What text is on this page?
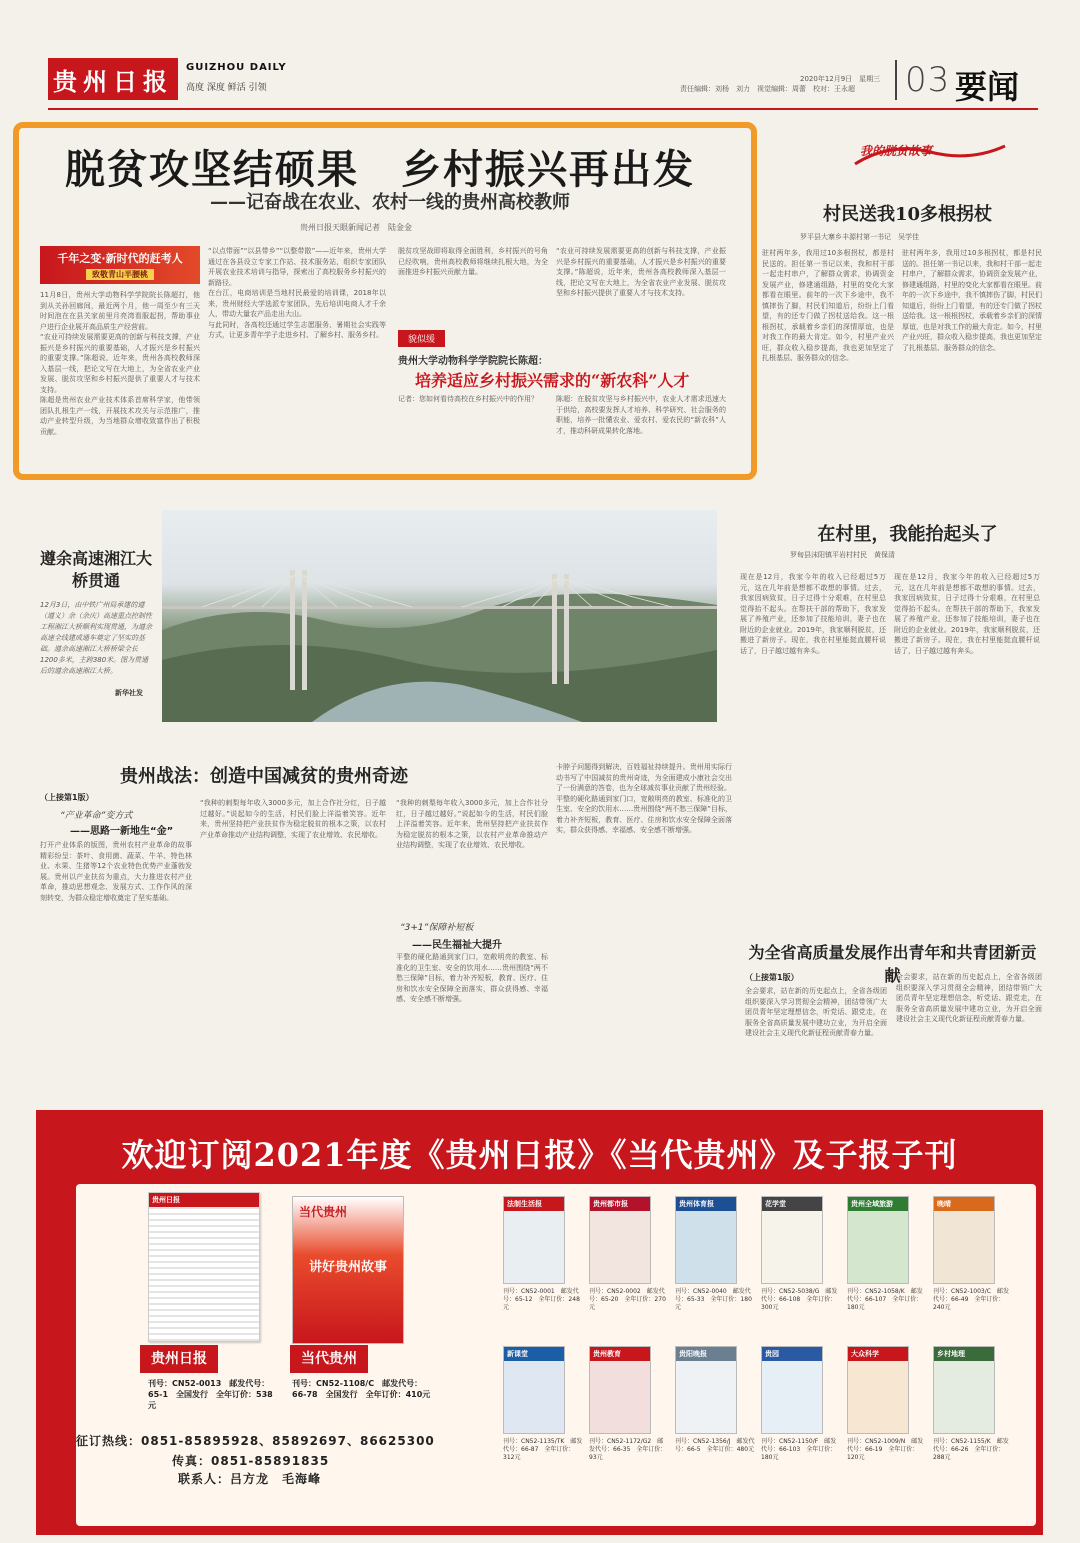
贵州日报	GUIZHOU DAILY
高度 深度 鲜活 引领
2020年12月9日　星期三
责任编辑：刘杨　刘力　视觉编辑：周蕾　校对：王永超 03 要闻
脱贫攻坚结硕果　乡村振兴再出发
——记奋战在农业、农村一线的贵州高校教师
贵州日报天眼新闻记者　陆金金
千年之变·新时代的赶考人
致敬青山半腰桃

11月8日，贵州大学动物科学学院院长陈超打，他到从关孙回廊间，最近两个月，他一周至少有三天时间泡在在县关家前里月亮湾看服起拐，帮助事业户进行企业展开高品质生产经营前。

“农业可持续发展需要更高的创新与科技支撑，产业振兴是乡村振兴的重要基础，人才振兴是乡村振兴的重要支撑。”陈超说，近年来，贵州各高校教师深入基层一线，把论文写在大地上，为全省农业产业发展、脱贫攻坚和乡村振兴提供了重要人才与技术支持。

陈超是贵州农业产业技术体系首席科学家，他带领团队扎根生产一线，开展技术攻关与示范推广，推动产业转型升级，为当地群众增收致富作出了积极贡献。

“以点带面”“以县带乡”“以整带散”——近年来，贵州大学通过在各县设立专家工作站、技术服务站，组织专家团队开展农业技术培训与指导，探索出了高校服务乡村振兴的新路径。

在台江，电商培训是当地村民最爱的培训课，2018年以来，贵州财经大学选派专家团队，先后培训电商人才千余人，带动大量农产品走出大山。

与此同时，各高校还通过学生志愿服务、暑期社会实践等方式，让更多青年学子走进乡村、了解乡村、服务乡村。

脱贫攻坚战即将取得全面胜利，乡村振兴的号角已经吹响，贵州高校教师将继续扎根大地，为全面推进乡村振兴贡献力量。

“农业可持续发展需要更高的创新与科技支撑，产业振兴是乡村振兴的重要基础，人才振兴是乡村振兴的重要支撑。”陈超说，近年来，贵州各高校教师深入基层一线，把论文写在大地上，为全省农业产业发展、脱贫攻坚和乡村振兴提供了重要人才与技术支持。

貌似缓
贵州大学动物科学学院院长陈超：
培养适应乡村振兴需求的“新农科”人才

记者：您如何看待高校在乡村振兴中的作用？	陈超：在脱贫攻坚与乡村振兴中，农业人才需求迅速大于供给，高校要发挥人才培养、科学研究、社会服务的职能，培养一批懂农业、爱农村、爱农民的“新农科”人才，推动科研成果转化落地。

我的脱贫故事
村民送我10多根拐杖
罗平县大寨乡丰源村第一书记　吴学佳

驻村两年多，我用过10多根拐杖，都是村民送的。担任第一书记以来，我和村干部一起走村串户，了解群众需求，协调资金发展产业，修建通组路，村里的变化大家都看在眼里。前年的一次下乡途中，我不慎摔伤了脚，村民们知道后，纷纷上门看望，有的还专门做了拐杖送给我。这一根根拐杖，承载着乡亲们的深情厚谊，也是对我工作的最大肯定。如今，村里产业兴旺，群众收入稳步提高，我也更加坚定了扎根基层、服务群众的信念。

驻村两年多，我用过10多根拐杖，都是村民送的。担任第一书记以来，我和村干部一起走村串户，了解群众需求，协调资金发展产业，修建通组路，村里的变化大家都看在眼里。前年的一次下乡途中，我不慎摔伤了脚，村民们知道后，纷纷上门看望，有的还专门做了拐杖送给我。这一根根拐杖，承载着乡亲们的深情厚谊，也是对我工作的最大肯定。如今，村里产业兴旺，群众收入稳步提高，我也更加坚定了扎根基层、服务群众的信念。

在村里，我能抬起头了
罗甸县沫阳镇平岩村村民　黄保清

现在是12月，我家今年的收入已经超过5万元，这在几年前是想都不敢想的事情。过去，我家因病致贫，日子过得十分艰难，在村里总觉得抬不起头。在帮扶干部的帮助下，我家发展了养殖产业，还参加了技能培训，妻子也在附近的企业就业。2019年，我家顺利脱贫，还搬进了新房子。现在，我在村里能挺直腰杆说话了，日子越过越有奔头。

现在是12月，我家今年的收入已经超过5万元，这在几年前是想都不敢想的事情。过去，我家因病致贫，日子过得十分艰难，在村里总觉得抬不起头。在帮扶干部的帮助下，我家发展了养殖产业，还参加了技能培训，妻子也在附近的企业就业。2019年，我家顺利脱贫，还搬进了新房子。现在，我在村里能挺直腰杆说话了，日子越过越有奔头。

为全省高质量发展作出青年和共青团新贡献
（上接第1版）

全会要求，站在新的历史起点上，全省各级团组织要深入学习贯彻全会精神，团结带领广大团员青年坚定理想信念，听党话、跟党走，在服务全省高质量发展中建功立业，为开启全面建设社会主义现代化新征程贡献青春力量。

全会要求，站在新的历史起点上，全省各级团组织要深入学习贯彻全会精神，团结带领广大团员青年坚定理想信念，听党话、跟党走，在服务全省高质量发展中建功立业，为开启全面建设社会主义现代化新征程贡献青春力量。

遵余高速湘江大桥贯通
12月3日，由中铁广州局承建的遵（遵义）余（余庆）高速重点控制性工程湘江大桥顺利实现贯通，为遵余高速全线建成通车奠定了坚实的基础。遵余高速湘江大桥桥梁全长1200多米，主跨380米。图为贯通后的遵余高速湘江大桥。
新华社发
贵州战法：创造中国减贫的贵州奇迹
（上接第1版）
“产业革命”变方式
——思路一新地生“金”

打开产业体系的版图，贵州农村产业革命的故事精彩纷呈：茶叶、食用菌、蔬菜、牛羊、特色林业、水果、生猪等12个农业特色优势产业蓬勃发展。贵州以产业扶贫为重点，大力推进农村产业革命，推动思想观念、发展方式、工作作风的深刻转变，为群众稳定增收奠定了坚实基础。

“我种的刺梨每年收入3000多元，加上合作社分红，日子越过越好。”说起如今的生活，村民们脸上洋溢着笑容。近年来，贵州坚持把产业扶贫作为稳定脱贫的根本之策，以农村产业革命推动产业结构调整，实现了农业增效、农民增收。

“我种的刺梨每年收入3000多元，加上合作社分红，日子越过越好。”说起如今的生活，村民们脸上洋溢着笑容。近年来，贵州坚持把产业扶贫作为稳定脱贫的根本之策，以农村产业革命推动产业结构调整，实现了农业增效、农民增收。

“3+1”保障补短板
——民生福祉大提升

平整的硬化路通到家门口，宽敞明亮的教室、标准化的卫生室、安全的饮用水……贵州围绕“两不愁三保障”目标，着力补齐短板，教育、医疗、住房和饮水安全保障全面落实，群众获得感、幸福感、安全感不断增强。

卡脖子问题得到解决，百姓福祉持续提升。贵州用实际行动书写了中国减贫的贵州奇迹，为全面建成小康社会交出了一份满意的答卷，也为全球减贫事业贡献了贵州经验。

平整的硬化路通到家门口，宽敞明亮的教室、标准化的卫生室、安全的饮用水……贵州围绕“两不愁三保障”目标，着力补齐短板，教育、医疗、住房和饮水安全保障全面落实，群众获得感、幸福感、安全感不断增强。

欢迎订阅2021年度《贵州日报》《当代贵州》及子报子刊
贵州日报
贵州日报
刊号：CN52-0013　邮发代号：65-1　全国发行　全年订价：538元
当代贵州
讲好贵州故事
当代贵州
刊号：CN52-1108/C　邮发代号：66-78　全国发行　全年订价：410元
法制生活报	贵州都市报	贵州体育报	花学堂	贵州全域旅游	晚晴
刊号：CN52-0001　邮发代号：65-12　全年订价：248元
刊号：CN52-0002　邮发代号：65-20　全年订价：270元
刊号：CN52-0040　邮发代号：65-33　全年订价：180元
刊号：CN52-5038/G　邮发代号：66-108　全年订价：300元
刊号：CN52-1058/K　邮发代号：66-107　全年订价：180元
刊号：CN52-1003/C　邮发代号：66-49　全年订价：240元
新课堂	贵州教育	贵阳晚报	贵园	大众科学	乡村地理
刊号：CN52-1135/TK　邮发代号：66-87　全年订价：312元
刊号：CN52-1172/G2　邮发代号：66-35　全年订价：93元
刊号：CN52-1356/J　邮发代号：66-5　全年订价：480元
刊号：CN52-1150/F　邮发代号：66-103　全年订价：180元
刊号：CN52-1009/N　邮发代号：66-19　全年订价：120元
刊号：CN52-1155/K　邮发代号：66-26　全年订价：288元
征订热线：0851-85895928、85892697、86625300
传真：0851-85891835
联系人：吕方龙　毛海峰
